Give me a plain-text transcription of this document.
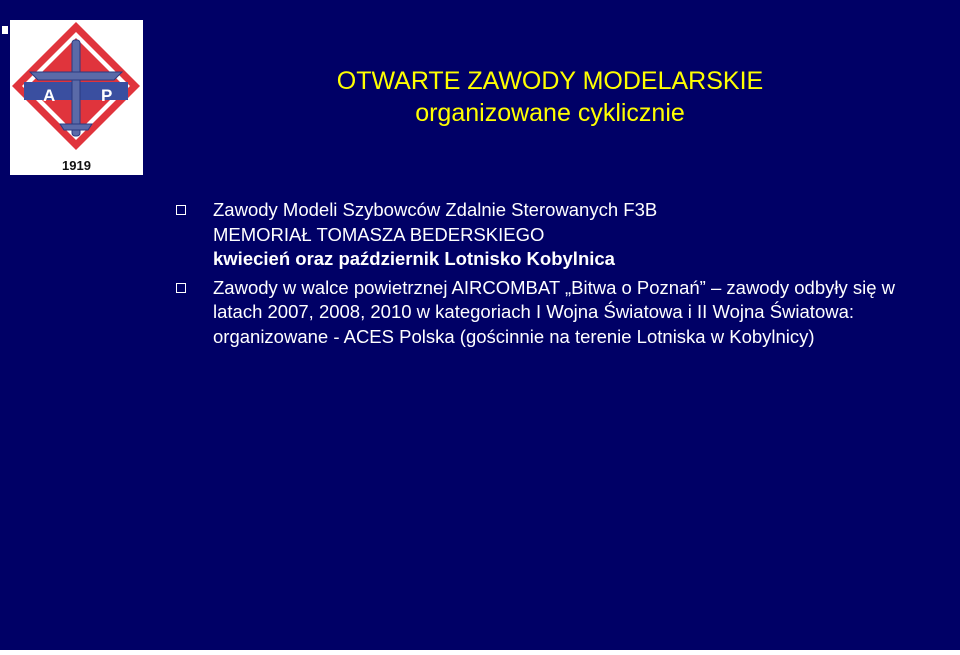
A	P
1919
OTWARTE ZAWODY MODELARSKIE
organizowane cyklicznie
Zawody Modeli Szybowców Zdalnie Sterowanych F3B
MEMORIAŁ TOMASZA BEDERSKIEGO
kwiecień oraz październik Lotnisko Kobylnica
Zawody w walce powietrznej AIRCOMBAT „Bitwa o Poznań” – zawody odbyły się w latach 2007, 2008, 2010 w kategoriach I Wojna Światowa i II Wojna Światowa: organizowane - ACES Polska (gościnnie na terenie Lotniska w Kobylnicy)
